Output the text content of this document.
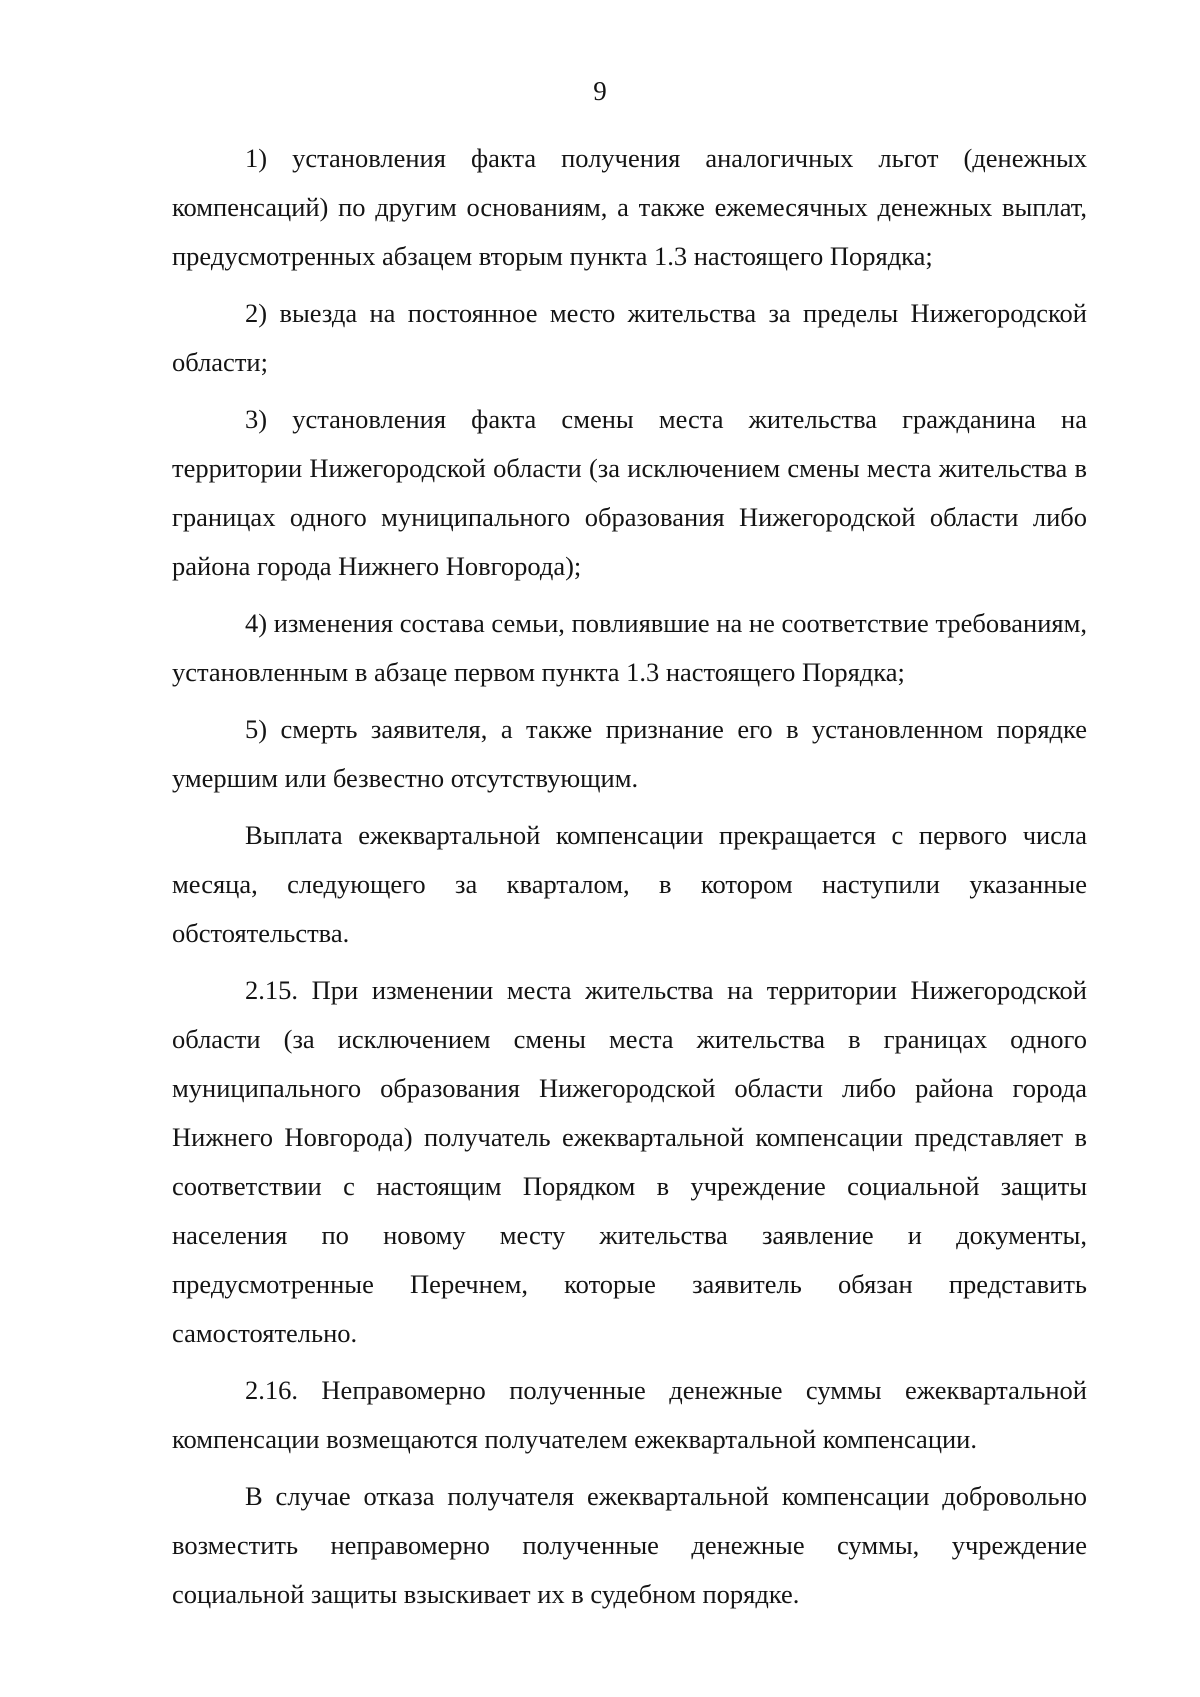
9

1) установления факта получения аналогичных льгот (денежных компенсаций) по другим основаниям, а также ежемесячных денежных выплат, предусмотренных абзацем вторым пункта 1.3 настоящего Порядка;

2) выезда на постоянное место жительства за пределы Нижегородской области;

3) установления факта смены места жительства гражданина на территории Нижегородской области (за исключением смены места жительства в границах одного муниципального образования Нижегородской области либо района города Нижнего Новгорода);

4) изменения состава семьи, повлиявшие на не соответствие требованиям, установленным в абзаце первом пункта 1.3 настоящего Порядка;

5) смерть заявителя, а также признание его в установленном порядке умершим или безвестно отсутствующим.

Выплата ежеквартальной компенсации прекращается с первого числа месяца, следующего за кварталом, в котором наступили указанные обстоятельства.

2.15. При изменении места жительства на территории Нижегородской области (за исключением смены места жительства в границах одного муниципального образования Нижегородской области либо района города Нижнего Новгорода) получатель ежеквартальной компенсации представляет в соответствии с настоящим Порядком в учреждение социальной защиты населения по новому месту жительства заявление и документы, предусмотренные Перечнем, которые заявитель обязан представить самостоятельно.

2.16. Неправомерно полученные денежные суммы ежеквартальной компенсации возмещаются получателем ежеквартальной компенсации.

В случае отказа получателя ежеквартальной компенсации добровольно возместить неправомерно полученные денежные суммы, учреждение социальной защиты взыскивает их в судебном порядке.
